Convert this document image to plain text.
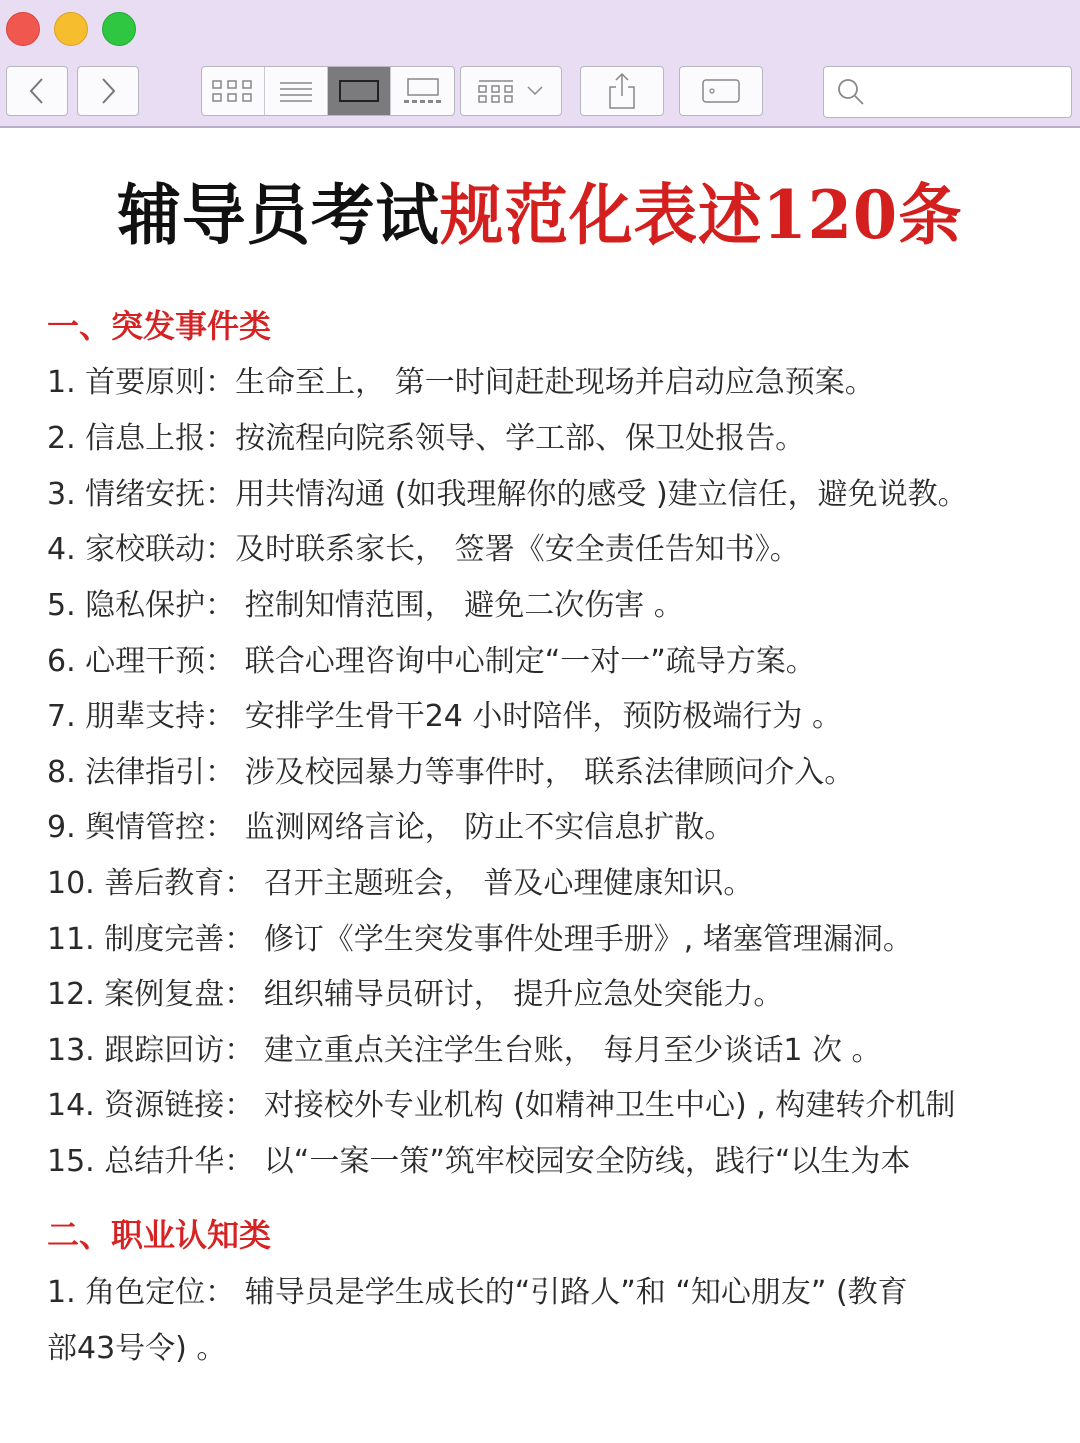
辅导员考试规范化表述120条
一、突发事件类
1. 首要原则：生命至上， 第一时间赶赴现场并启动应急预案。
2. 信息上报：按流程向院系领导、学工部、保卫处报告。
3. 情绪安抚：用共情沟通 (如我理解你的感受 )建立信任，避免说教。
4. 家校联动：及时联系家长， 签署《安全责任告知书》。
5. 隐私保护： 控制知情范围， 避免二次伤害 。
6. 心理干预： 联合心理咨询中心制定“一对一”疏导方案。
7. 朋辈支持： 安排学生骨干24 小时陪伴，预防极端行为 。
8. 法律指引： 涉及校园暴力等事件时， 联系法律顾问介入。
9. 舆情管控： 监测网络言论， 防止不实信息扩散。
10. 善后教育： 召开主题班会， 普及心理健康知识。
11. 制度完善： 修订《学生突发事件处理手册》, 堵塞管理漏洞。
12. 案例复盘： 组织辅导员研讨， 提升应急处突能力。
13. 跟踪回访： 建立重点关注学生台账， 每月至少谈话1 次 。
14. 资源链接： 对接校外专业机构 (如精神卫生中心) , 构建转介机制
15. 总结升华： 以“一案一策”筑牢校园安全防线，践行“以生为本
二、职业认知类
1. 角色定位： 辅导员是学生成长的“引路人”和 “知心朋友” (教育
部43号令) 。
